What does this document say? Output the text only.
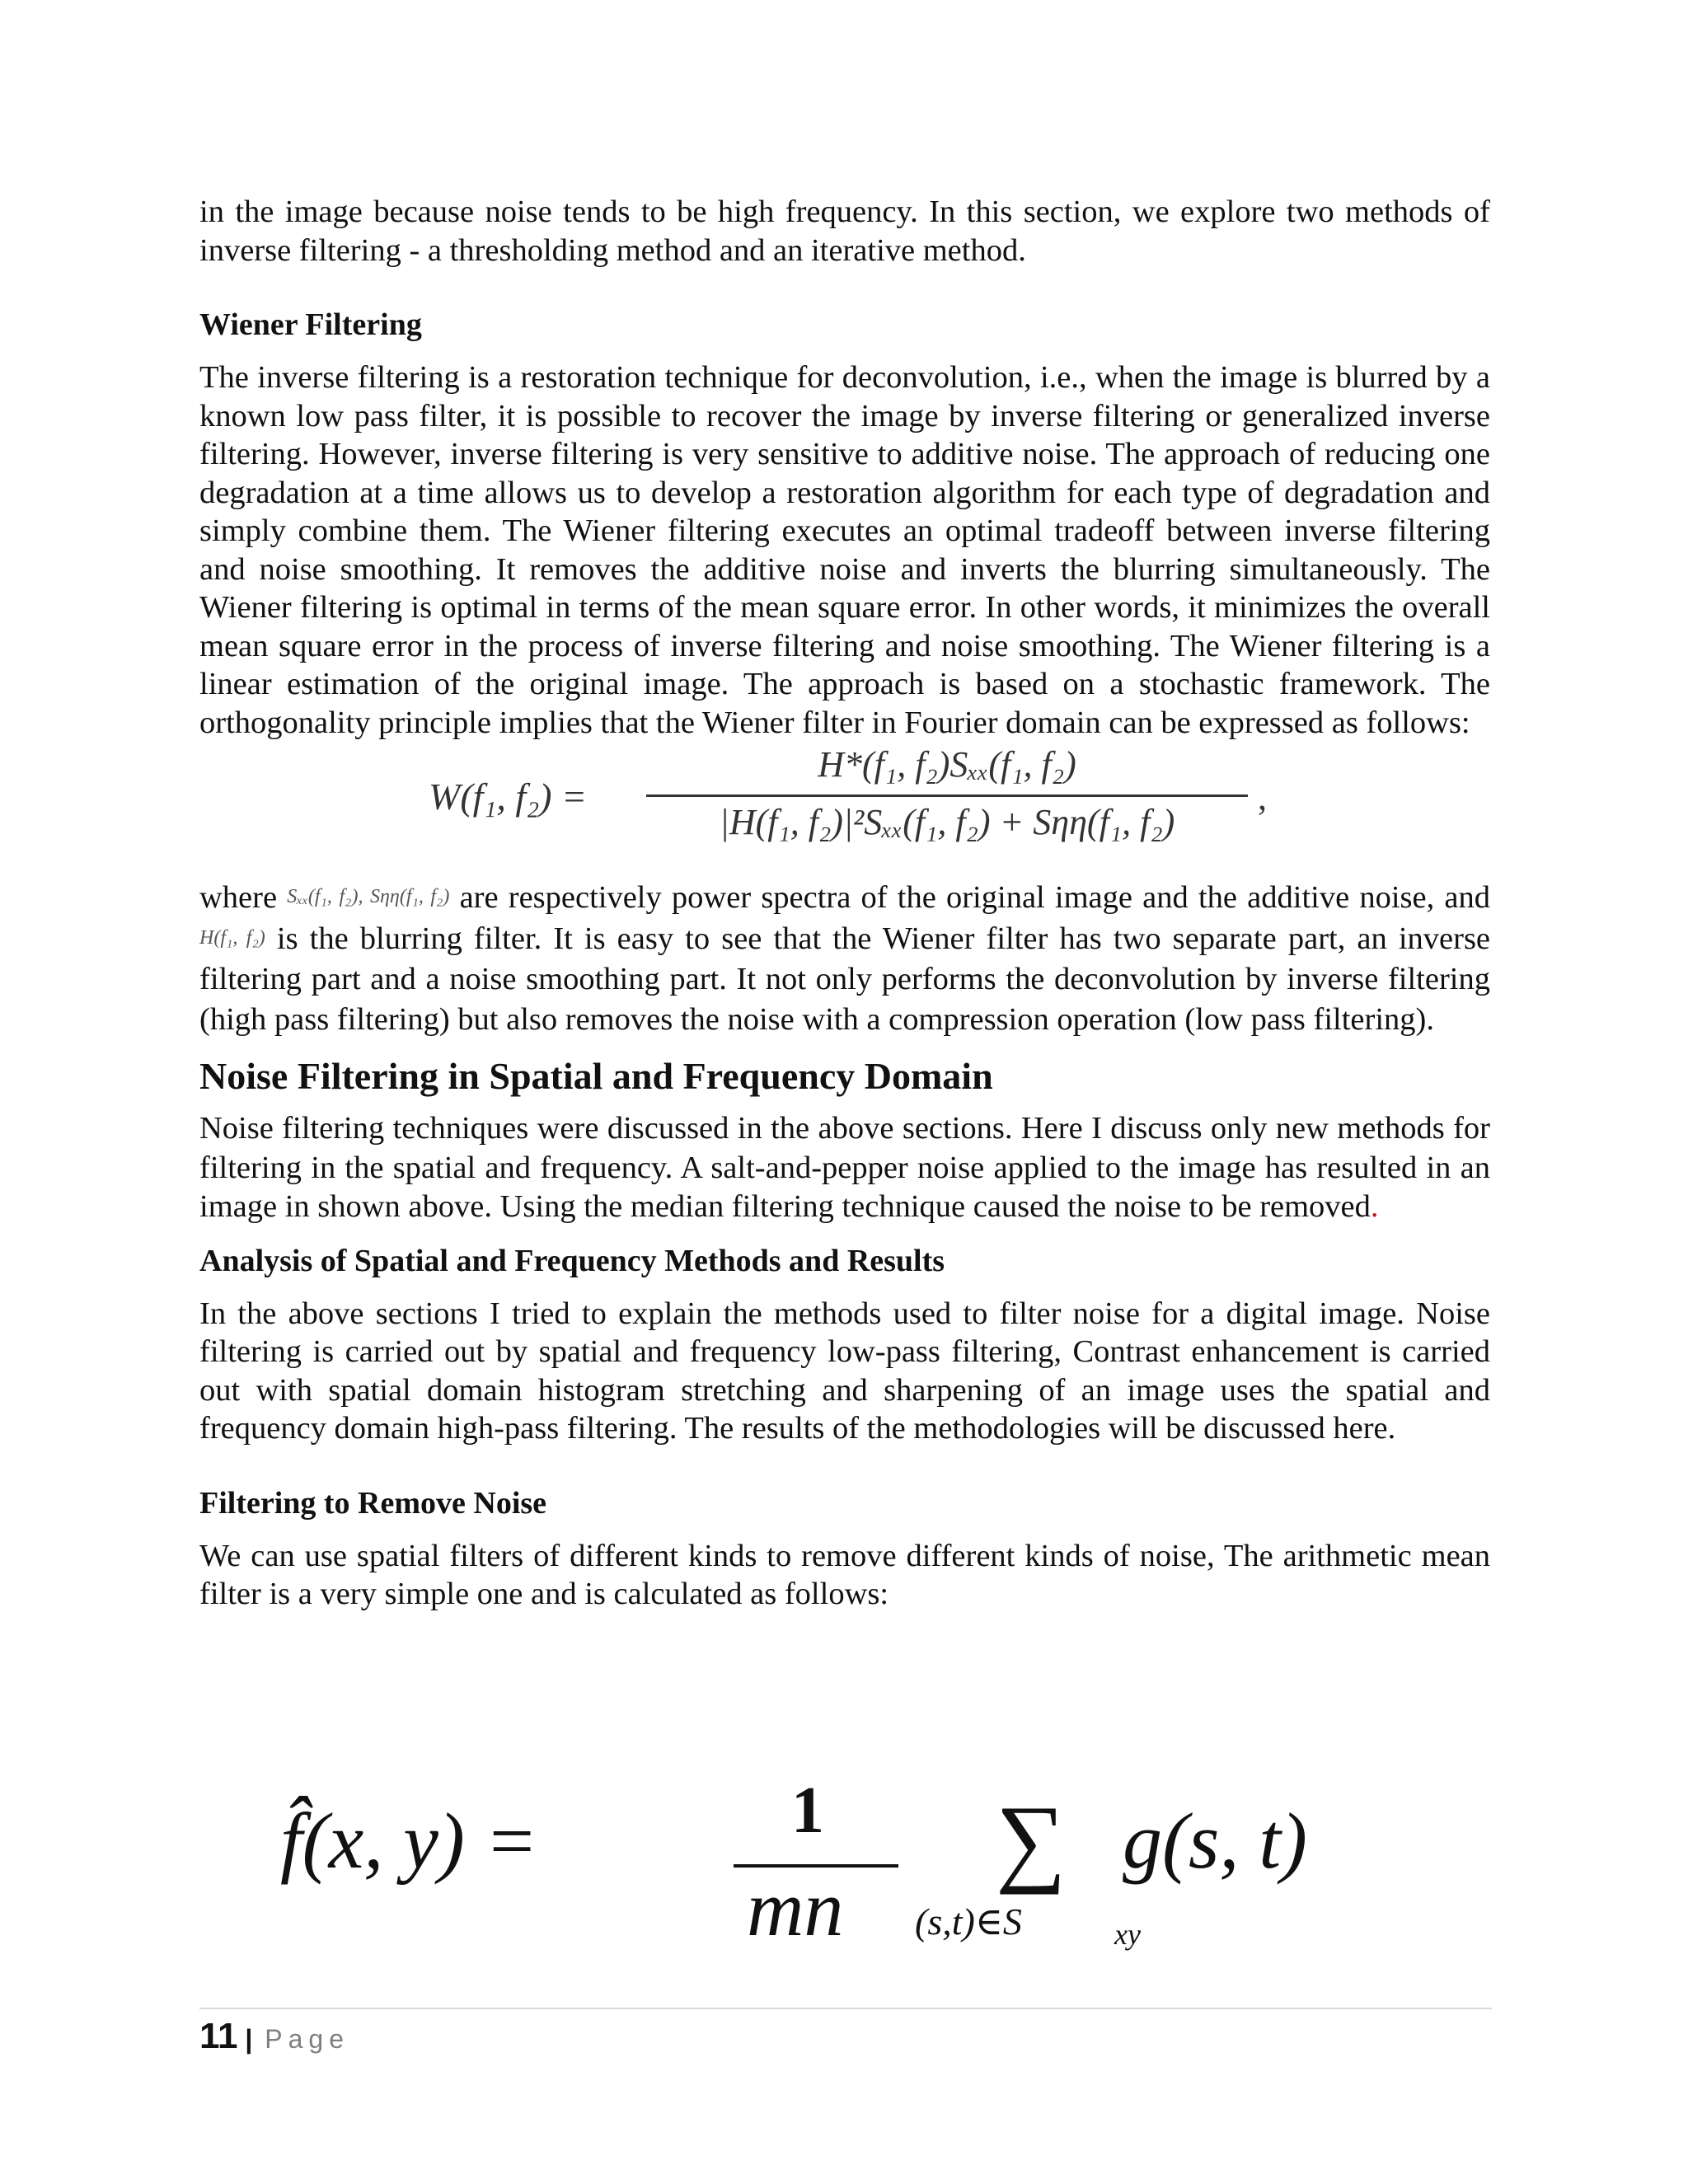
in the image because noise tends to be high frequency. In this section, we explore two methods of inverse filtering - a thresholding method and an iterative method.

Wiener Filtering

The inverse filtering is a restoration technique for deconvolution, i.e., when the image is blurred by a known low pass filter, it is possible to recover the image by inverse filtering or generalized inverse filtering. However, inverse filtering is very sensitive to additive noise. The approach of reducing one degradation at a time allows us to develop a restoration algorithm for each type of degradation and simply combine them. The Wiener filtering executes an optimal tradeoff between inverse filtering and noise smoothing. It removes the additive noise and inverts the blurring simultaneously. The Wiener filtering is optimal in terms of the mean square error. In other words, it minimizes the overall mean square error in the process of inverse filtering and noise smoothing. The Wiener filtering is a linear estimation of the original image. The approach is based on a stochastic framework. The orthogonality principle implies that the Wiener filter in Fourier domain can be expressed as follows:

W(f₁, f₂) =
H*(f₁, f₂)Sₓₓ(f₁, f₂)
|H(f₁, f₂)|²Sₓₓ(f₁, f₂) + Sηη(f₁, f₂)
,

where Sₓₓ(f₁, f₂), Sηη(f₁, f₂) are respectively power spectra of the original image and the additive noise, and H(f₁, f₂) is the blurring filter. It is easy to see that the Wiener filter has two separate part, an inverse filtering part and a noise smoothing part. It not only performs the deconvolution by inverse filtering (high pass filtering) but also removes the noise with a compression operation (low pass filtering).

Noise Filtering in Spatial and Frequency Domain

Noise filtering techniques were discussed in the above sections. Here I discuss only new methods for filtering in the spatial and frequency. A salt-and-pepper noise applied to the image has resulted in an image in shown above. Using the median filtering technique caused the noise to be removed.

Analysis of Spatial and Frequency Methods and Results

In the above sections I tried to explain the methods used to filter noise for a digital image. Noise filtering is carried out by spatial and frequency low-pass filtering, Contrast enhancement is carried out with spatial domain histogram stretching and sharpening of an image uses the spatial and frequency domain high-pass filtering. The results of the methodologies will be discussed here.

Filtering to Remove Noise

We can use spatial filters of different kinds to remove different kinds of noise, The arithmetic mean filter is a very simple one and is calculated as follows:

f̂(x, y) =	1
mn
∑
(s,t)∈S	xy
g(s, t)
11 | Page
